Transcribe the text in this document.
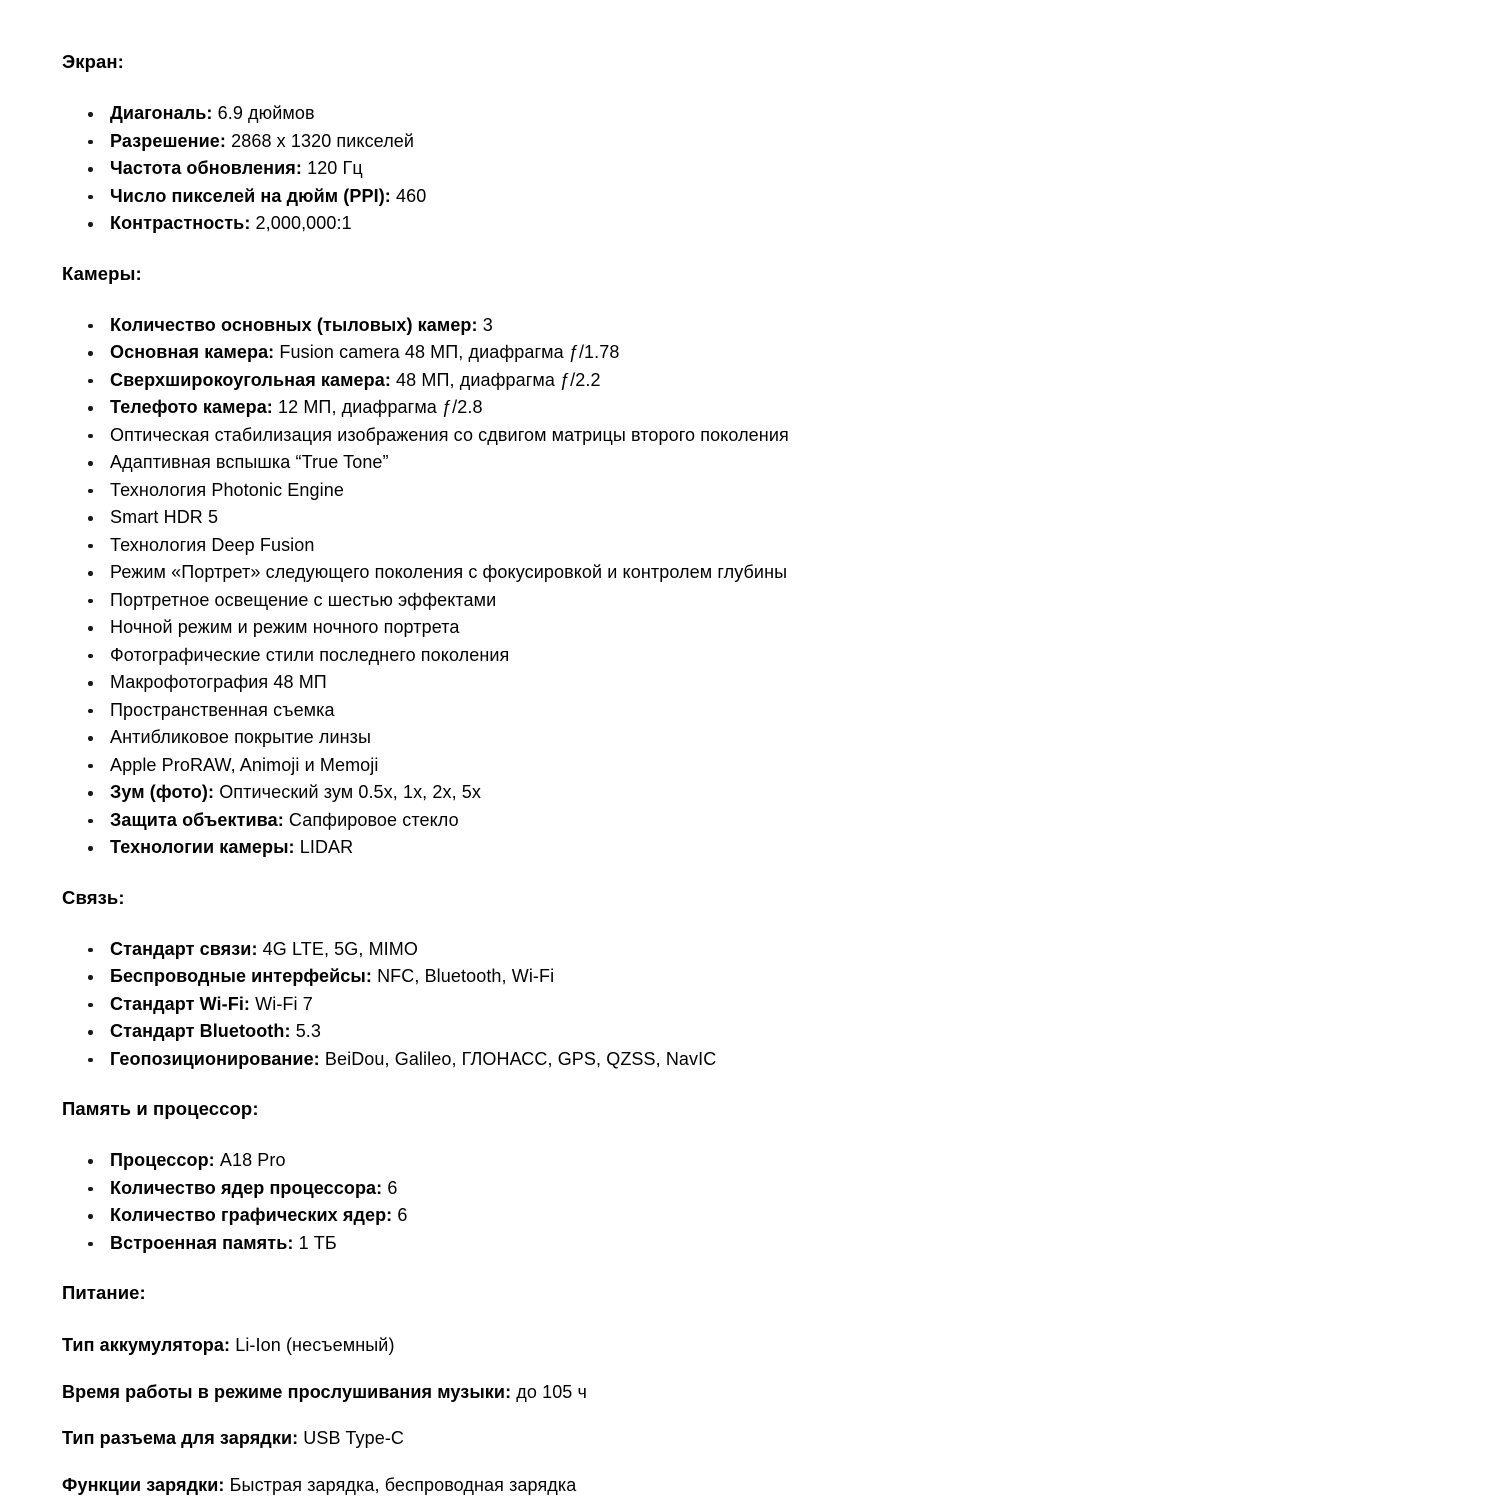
Экран:
Диагональ: 6.9 дюймов
Разрешение: 2868 x 1320 пикселей
Частота обновления: 120 Гц
Число пикселей на дюйм (PPI): 460
Контрастность: 2,000,000:1
Камеры:
Количество основных (тыловых) камер: 3
Основная камера: Fusion camera 48 МП, диафрагма ƒ/1.78
Сверхширокоугольная камера: 48 МП, диафрагма ƒ/2.2
Телефото камера: 12 МП, диафрагма ƒ/2.8
Оптическая стабилизация изображения со сдвигом матрицы второго поколения
Адаптивная вспышка “True Tone”
Технология Photonic Engine
Smart HDR 5
Технология Deep Fusion
Режим «Портрет» следующего поколения с фокусировкой и контролем глубины
Портретное освещение с шестью эффектами
Ночной режим и режим ночного портрета
Фотографические стили последнего поколения
Макрофотография 48 МП
Пространственная съемка
Антибликовое покрытие линзы
Apple ProRAW, Animoji и Memoji
Зум (фото): Оптический зум 0.5x, 1x, 2x, 5x
Защита объектива: Сапфировое стекло
Технологии камеры: LIDAR
Связь:
Стандарт связи: 4G LTE, 5G, MIMO
Беспроводные интерфейсы: NFC, Bluetooth, Wi-Fi
Стандарт Wi-Fi: Wi-Fi 7
Стандарт Bluetooth: 5.3
Геопозиционирование: BeiDou, Galileo, ГЛОНАСС, GPS, QZSS, NavIC
Память и процессор:
Процессор: A18 Pro
Количество ядер процессора: 6
Количество графических ядер: 6
Встроенная память: 1 ТБ
Питание:

Тип аккумулятора: Li-Ion (несъемный)

Время работы в режиме прослушивания музыки: до 105 ч

Тип разъема для зарядки: USB Type-C

Функции зарядки: Быстрая зарядка, беспроводная зарядка
